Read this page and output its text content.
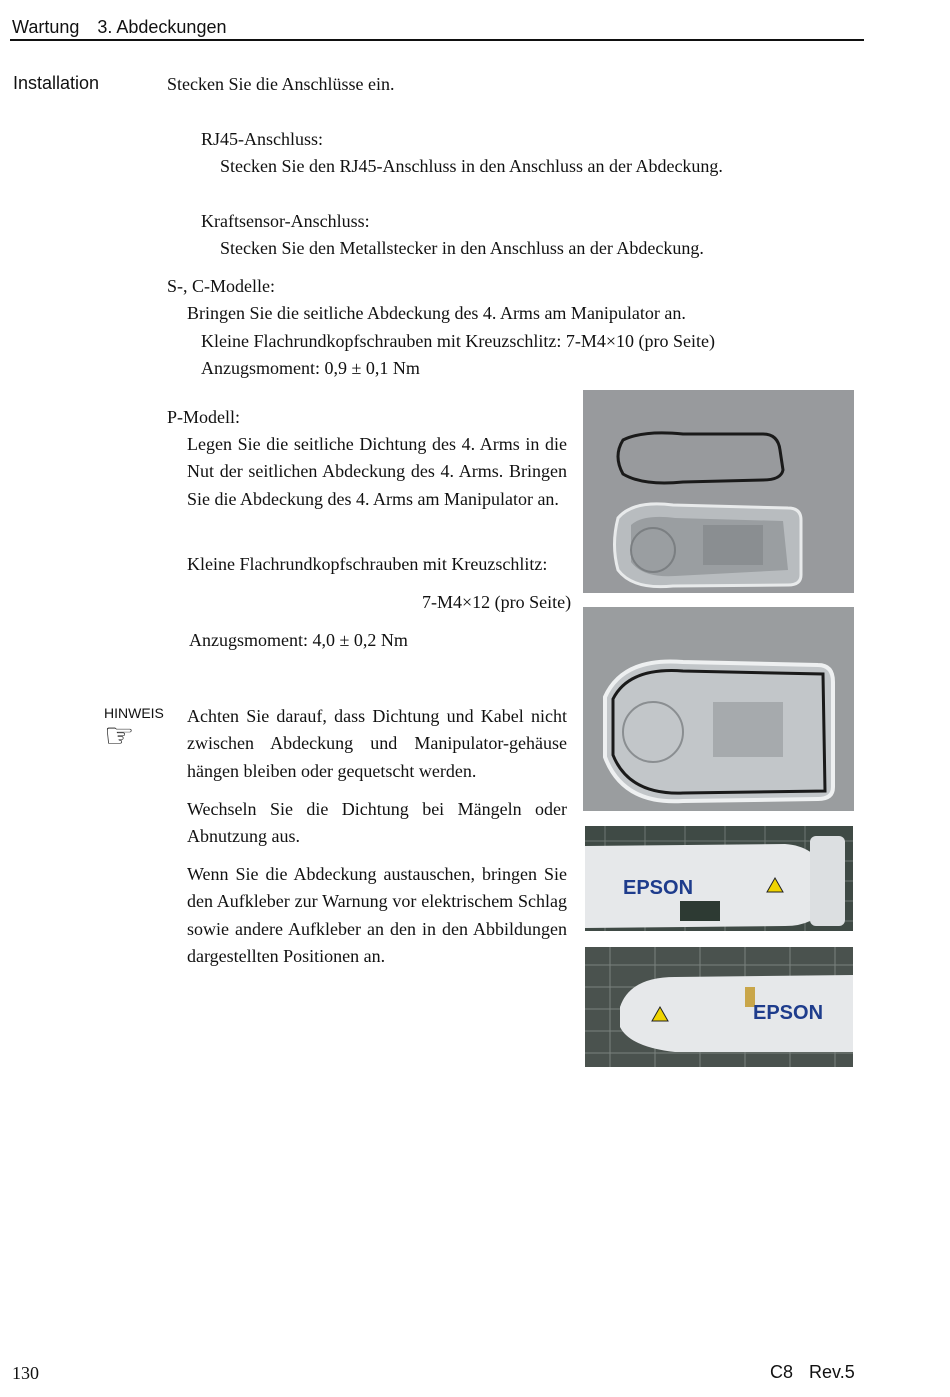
Wartung 3. Abdeckungen
Installation	Stecken Sie die Anschlüsse ein.
RJ45-Anschluss:
Stecken Sie den RJ45-Anschluss in den Anschluss an der Abdeckung.
Kraftsensor-Anschluss:
Stecken Sie den Metallstecker in den Anschluss an der Abdeckung.
S-, C-Modelle:
Bringen Sie die seitliche Abdeckung des 4. Arms am Manipulator an.
Kleine Flachrundkopfschrauben mit Kreuzschlitz: 7-M4×10 (pro Seite)
Anzugsmoment: 0,9 ± 0,1 Nm
P-Modell:

Legen Sie die seitliche Dichtung des 4. Arms in die Nut der seitlichen Abdeckung des 4. Arms. Bringen Sie die Abdeckung des 4. Arms am Manipulator an.

Kleine Flachrundkopfschrauben mit Kreuzschlitz:
7-M4×12 (pro Seite)
Anzugsmoment: 4,0 ± 0,2 Nm
HINWEIS
☞

Achten Sie darauf, dass Dichtung und Kabel nicht zwischen Abdeckung und Manipulator-gehäuse hängen bleiben oder gequetscht werden.

Wechseln Sie die Dichtung bei Mängeln oder Abnutzung aus.

Wenn Sie die Abdeckung austauschen, bringen Sie den Aufkleber zur Warnung vor elektrischem Schlag sowie andere Aufkleber an den in den Abbildungen dargestellten Positionen an.

EPSON
EPSON
130	C8 Rev.5
